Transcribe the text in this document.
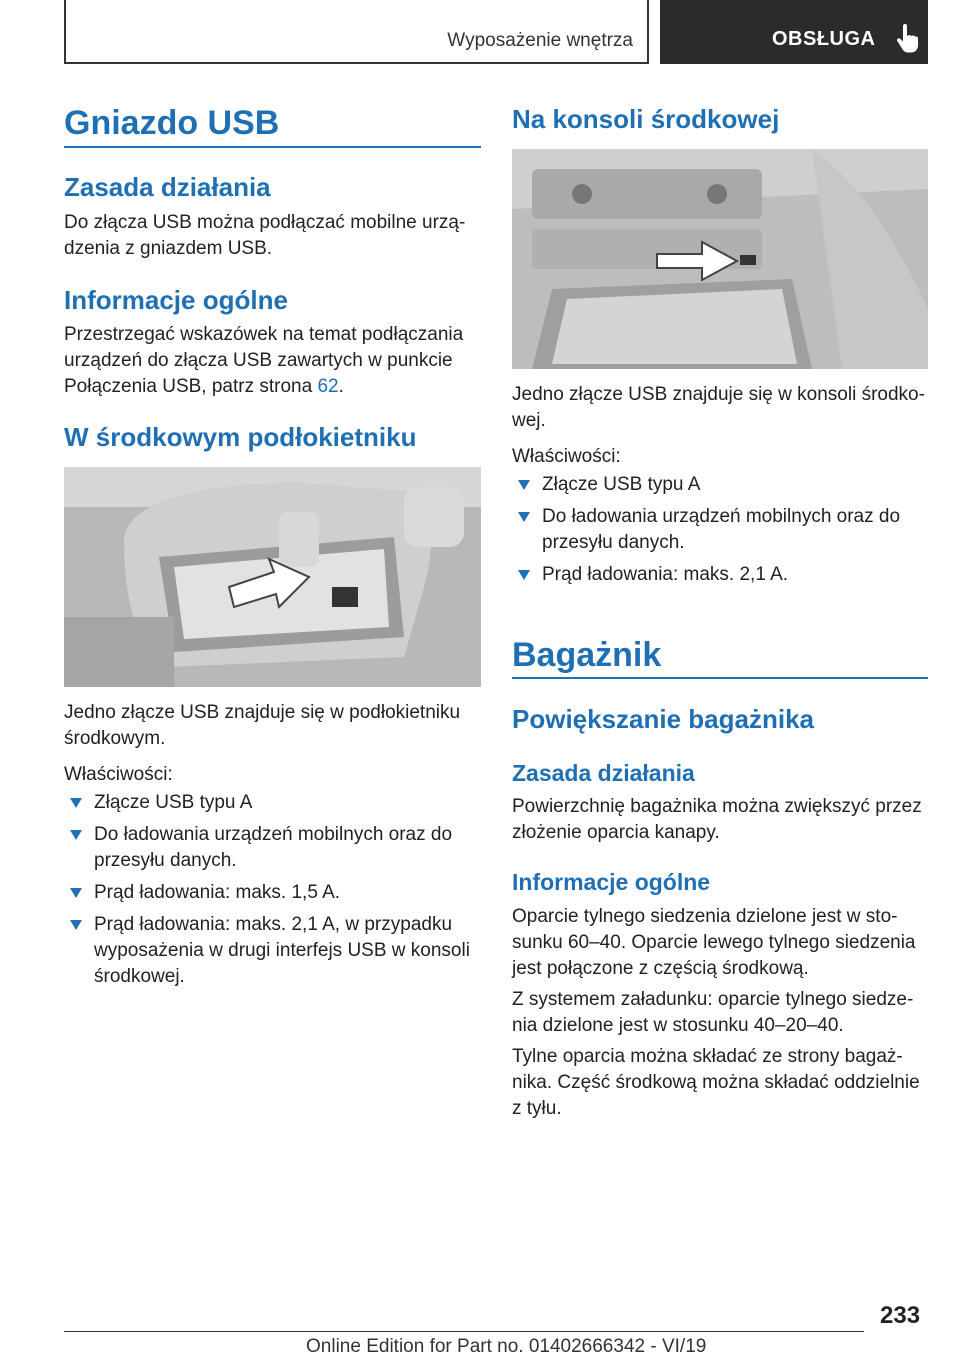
Wyposażenie wnętrza	OBSŁUGA
Gniazdo USB
Zasada działania

Do złącza USB można podłączać mobilne urzą‐

dzenia z gniazdem USB.

Informacje ogólne

Przestrzegać wskazówek na temat podłączania

urządzeń do złącza USB zawartych w punkcie

Połączenia USB, patrz strona 62.

W środkowym podłokietniku

Jedno złącze USB znajduje się w podłokietniku

środkowym.

Właściwości:

Złącze USB typu A
Do ładowania urządzeń mobilnych oraz do
przesyłu danych.
Prąd ładowania: maks. 1,5 A.
Prąd ładowania: maks. 2,1 A, w przypadku
wyposażenia w drugi interfejs USB w konsoli
środkowej.
Na konsoli środkowej

Jedno złącze USB znajduje się w konsoli środko‐

wej.

Właściwości:

Złącze USB typu A
Do ładowania urządzeń mobilnych oraz do
przesyłu danych.
Prąd ładowania: maks. 2,1 A.
Bagażnik
Powiększanie bagażnika
Zasada działania

Powierzchnię bagażnika można zwiększyć przez

złożenie oparcia kanapy.

Informacje ogólne

Oparcie tylnego siedzenia dzielone jest w sto‐

sunku 60–40. Oparcie lewego tylnego siedzenia

jest połączone z częścią środkową.

Z systemem załadunku: oparcie tylnego siedze‐

nia dzielone jest w stosunku 40–20–40.

Tylne oparcia można składać ze strony bagaż‐

nika. Część środkową można składać oddzielnie

z tyłu.

233
Online Edition for Part no. 01402666342 - VI/19
